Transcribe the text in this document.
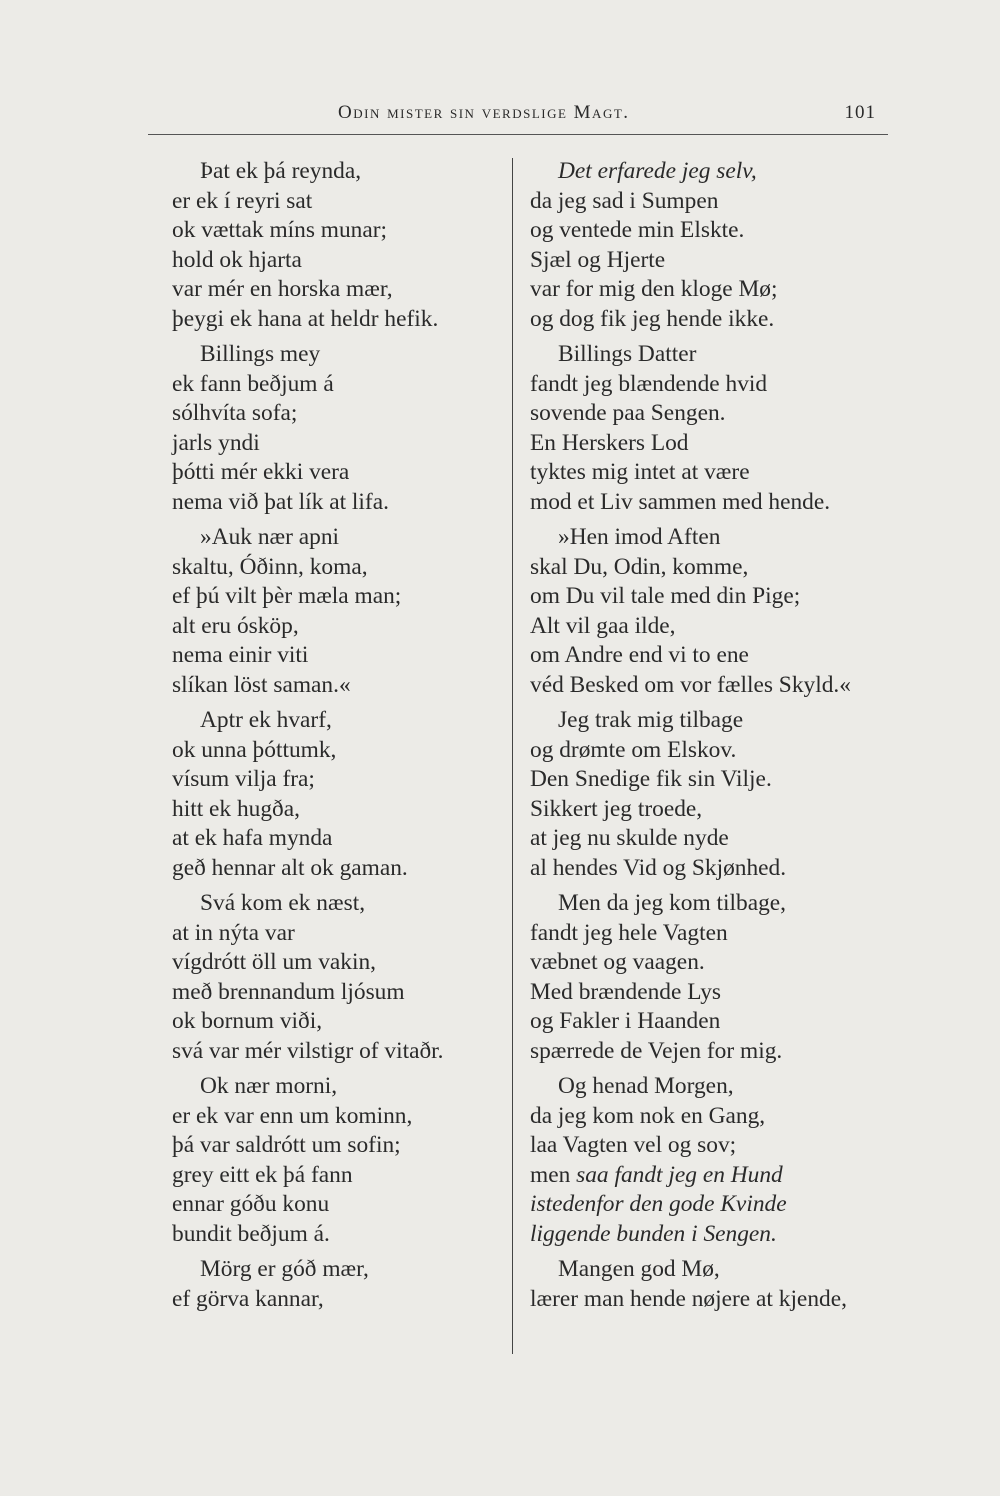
Odin mister sin verdslige Magt.	101
Þat ek þá reynda,
er ek í reyri sat
ok vættak míns munar;
hold ok hjarta
var mér en horska mær,
þeygi ek hana at heldr hefik.
Billings mey
ek fann beðjum á
sólhvíta sofa;
jarls yndi
þótti mér ekki vera
nema við þat lík at lifa.
»Auk nær apni
skaltu, Óðinn, koma,
ef þú vilt þèr mæla man;
alt eru ósköp,
nema einir viti
slíkan löst saman.«
Aptr ek hvarf,
ok unna þóttumk,
vísum vilja fra;
hitt ek hugða,
at ek hafa mynda
geð hennar alt ok gaman.
Svá kom ek næst,
at in nýta var
vígdrótt öll um vakin,
með brennandum ljósum
ok bornum viði,
svá var mér vilstigr of vitaðr.
Ok nær morni,
er ek var enn um kominn,
þá var saldrótt um sofin;
grey eitt ek þá fann
ennar góðu konu
bundit beðjum á.
Mörg er góð mær,
ef görva kannar,
Det erfarede jeg selv,
da jeg sad i Sumpen
og ventede min Elskte.
Sjæl og Hjerte
var for mig den kloge Mø;
og dog fik jeg hende ikke.
Billings Datter
fandt jeg blændende hvid
sovende paa Sengen.
En Herskers Lod
tyktes mig intet at være
mod et Liv sammen med hende.
»Hen imod Aften
skal Du, Odin, komme,
om Du vil tale med din Pige;
Alt vil gaa ilde,
om Andre end vi to ene
véd Besked om vor fælles Skyld.«
Jeg trak mig tilbage
og drømte om Elskov.
Den Snedige fik sin Vilje.
Sikkert jeg troede,
at jeg nu skulde nyde
al hendes Vid og Skjønhed.
Men da jeg kom tilbage,
fandt jeg hele Vagten
væbnet og vaagen.
Med brændende Lys
og Fakler i Haanden
spærrede de Vejen for mig.
Og henad Morgen,
da jeg kom nok en Gang,
laa Vagten vel og sov;
men saa fandt jeg en Hund
istedenfor den gode Kvinde
liggende bunden i Sengen.
Mangen god Mø,
lærer man hende nøjere at kjende,
